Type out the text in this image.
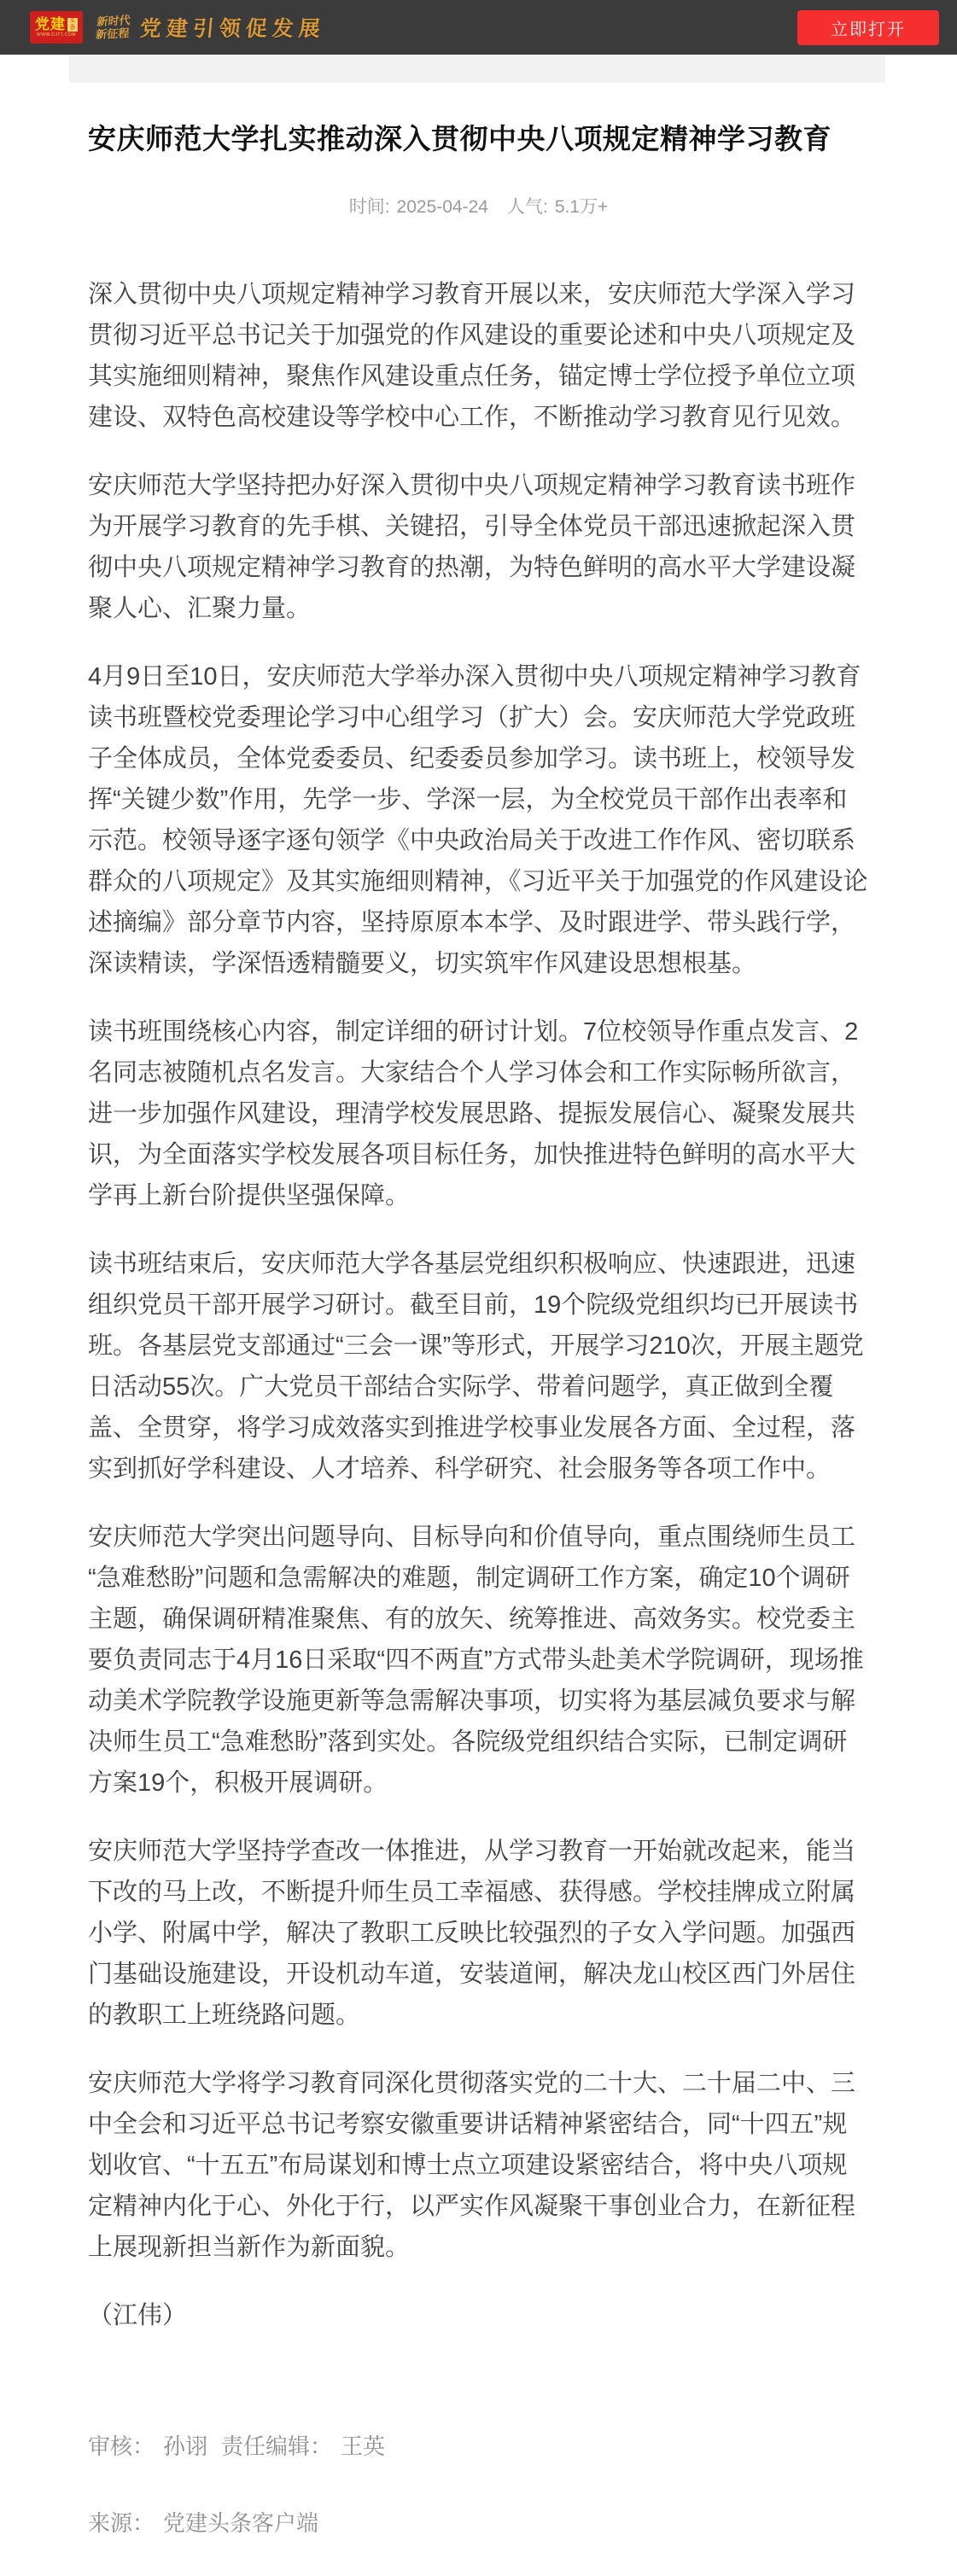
党建 头条
WWW.DJTT.COM
新时代
新征程 党建引领促发展	立即打开
安庆师范大学扎实推动深入贯彻中央八项规定精神学习教育
时间: 2025-04-24 人气: 5.1万+

深入贯彻中央八项规定精神学习教育开展以来，安庆师范大学深入学习贯彻习近平总书记关于加强党的作风建设的重要论述和中央八项规定及其实施细则精神，聚焦作风建设重点任务，锚定博士学位授予单位立项建设、双特色高校建设等学校中心工作，不断推动学习教育见行见效。

安庆师范大学坚持把办好深入贯彻中央八项规定精神学习教育读书班作为开展学习教育的先手棋、关键招，引导全体党员干部迅速掀起深入贯彻中央八项规定精神学习教育的热潮，为特色鲜明的高水平大学建设凝聚人心、汇聚力量。

4月9日至10日，安庆师范大学举办深入贯彻中央八项规定精神学习教育读书班暨校党委理论学习中心组学习（扩大）会。安庆师范大学党政班子全体成员，全体党委委员、纪委委员参加学习。读书班上，校领导发挥“关键少数”作用，先学一步、学深一层，为全校党员干部作出表率和示范。校领导逐字逐句领学《中央政治局关于改进工作作风、密切联系群众的八项规定》及其实施细则精神，《习近平关于加强党的作风建设论述摘编》部分章节内容，坚持原原本本学、及时跟进学、带头践行学，深读精读，学深悟透精髓要义，切实筑牢作风建设思想根基。

读书班围绕核心内容，制定详细的研讨计划。7位校领导作重点发言、2名同志被随机点名发言。大家结合个人学习体会和工作实际畅所欲言，进一步加强作风建设，理清学校发展思路、提振发展信心、凝聚发展共识，为全面落实学校发展各项目标任务，加快推进特色鲜明的高水平大学再上新台阶提供坚强保障。

读书班结束后，安庆师范大学各基层党组织积极响应、快速跟进，迅速组织党员干部开展学习研讨。截至目前，19个院级党组织均已开展读书班。各基层党支部通过“三会一课”等形式，开展学习210次，开展主题党日活动55次。广大党员干部结合实际学、带着问题学，真正做到全覆盖、全贯穿，将学习成效落实到推进学校事业发展各方面、全过程，落实到抓好学科建设、人才培养、科学研究、社会服务等各项工作中。

安庆师范大学突出问题导向、目标导向和价值导向，重点围绕师生员工“急难愁盼”问题和急需解决的难题，制定调研工作方案，确定10个调研主题，确保调研精准聚焦、有的放矢、统筹推进、高效务实。校党委主要负责同志于4月16日采取“四不两直”方式带头赴美术学院调研，现场推动美术学院教学设施更新等急需解决事项，切实将为基层减负要求与解决师生员工“急难愁盼”落到实处。各院级党组织结合实际，已制定调研方案19个，积极开展调研。

安庆师范大学坚持学查改一体推进，从学习教育一开始就改起来，能当下改的马上改，不断提升师生员工幸福感、获得感。学校挂牌成立附属小学、附属中学，解决了教职工反映比较强烈的子女入学问题。加强西门基础设施建设，开设机动车道，安装道闸，解决龙山校区西门外居住的教职工上班绕路问题。

安庆师范大学将学习教育同深化贯彻落实党的二十大、二十届二中、三中全会和习近平总书记考察安徽重要讲话精神紧密结合，同“十四五”规划收官、“十五五”布局谋划和博士点立项建设紧密结合，将中央八项规定精神内化于心、外化于行，以严实作风凝聚干事创业合力，在新征程上展现新担当新作为新面貌。

（江伟）

审核： 孙诩 责任编辑： 王英
来源： 党建头条客户端
